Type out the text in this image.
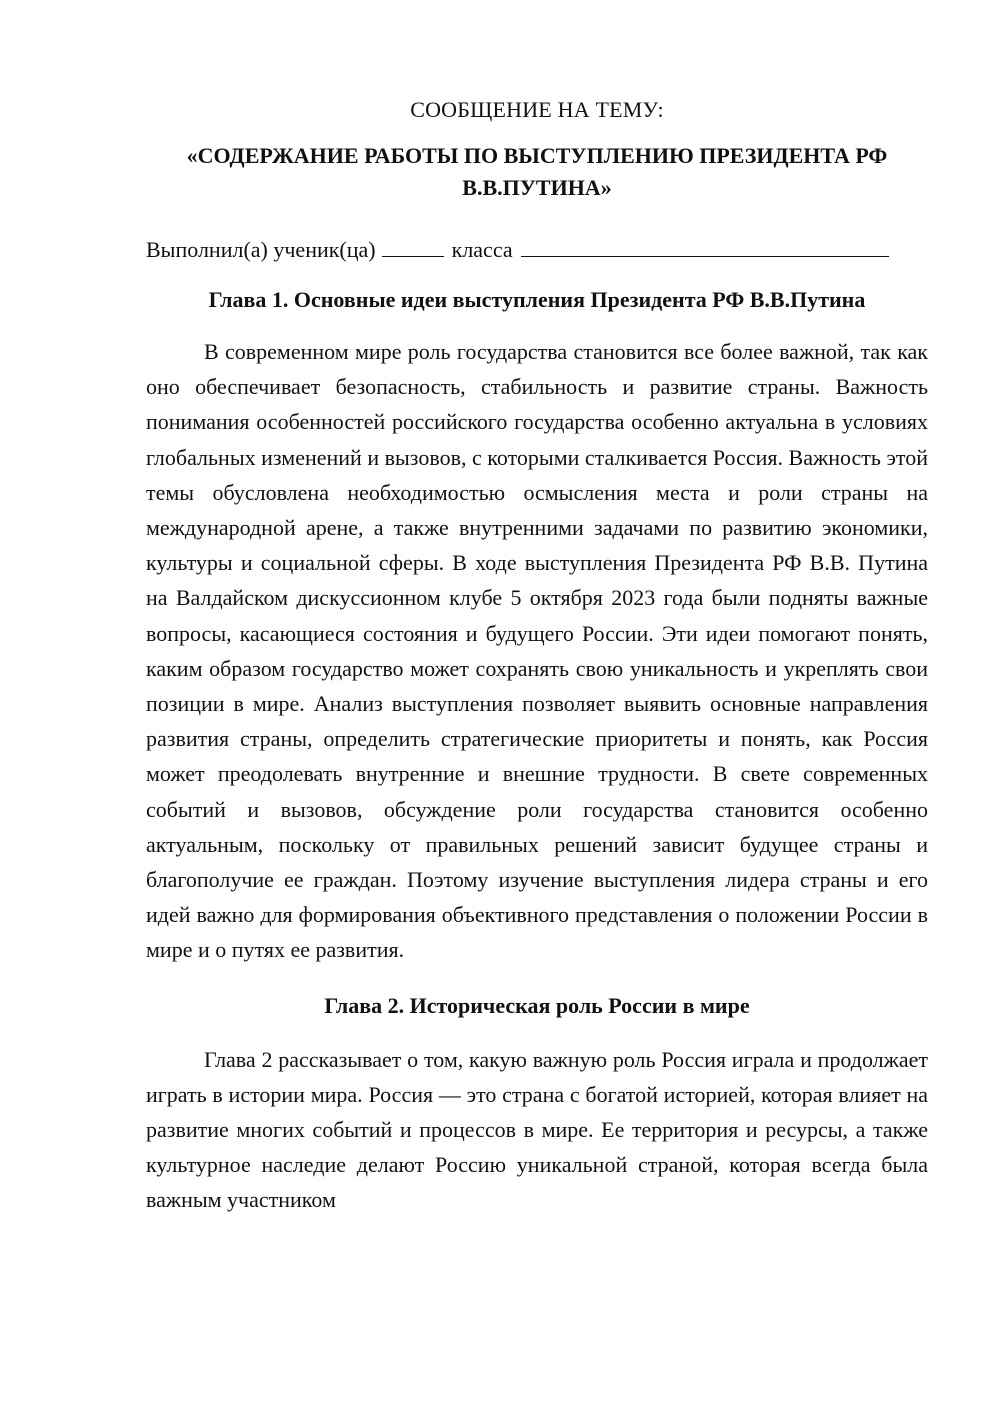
СООБЩЕНИЕ НА ТЕМУ:
«СОДЕРЖАНИЕ РАБОТЫ ПО ВЫСТУПЛЕНИЮ ПРЕЗИДЕНТА РФ В.В.ПУТИНА»
Выполнил(а) ученик(ца)	класса
Глава 1. Основные идеи выступления Президента РФ В.В.Путина

В современном мире роль государства становится все более важной, так как оно обеспечивает безопасность, стабильность и развитие страны. Важность понимания особенностей российского государства особенно актуальна в условиях глобальных изменений и вызовов, с которыми сталкивается Россия. Важность этой темы обусловлена необходимостью осмысления места и роли страны на международной арене, а также внутренними задачами по развитию экономики, культуры и социальной сферы. В ходе выступления Президента РФ В.В. Путина на Валдайском дискуссионном клубе 5 октября 2023 года были подняты важные вопросы, касающиеся состояния и будущего России. Эти идеи помогают понять, каким образом государство может сохранять свою уникальность и укреплять свои позиции в мире. Анализ выступления позволяет выявить основные направления развития страны, определить стратегические приоритеты и понять, как Россия может преодолевать внутренние и внешние трудности. В свете современных событий и вызовов, обсуждение роли государства становится особенно актуальным, поскольку от правильных решений зависит будущее страны и благополучие ее граждан. Поэтому изучение выступления лидера страны и его идей важно для формирования объективного представления о положении России в мире и о путях ее развития.

Глава 2. Историческая роль России в мире

Глава 2 рассказывает о том, какую важную роль Россия играла и продолжает играть в истории мира. Россия — это страна с богатой историей, которая влияет на развитие многих событий и процессов в мире. Ее территория и ресурсы, а также культурное наследие делают Россию уникальной страной, которая всегда была важным участником
